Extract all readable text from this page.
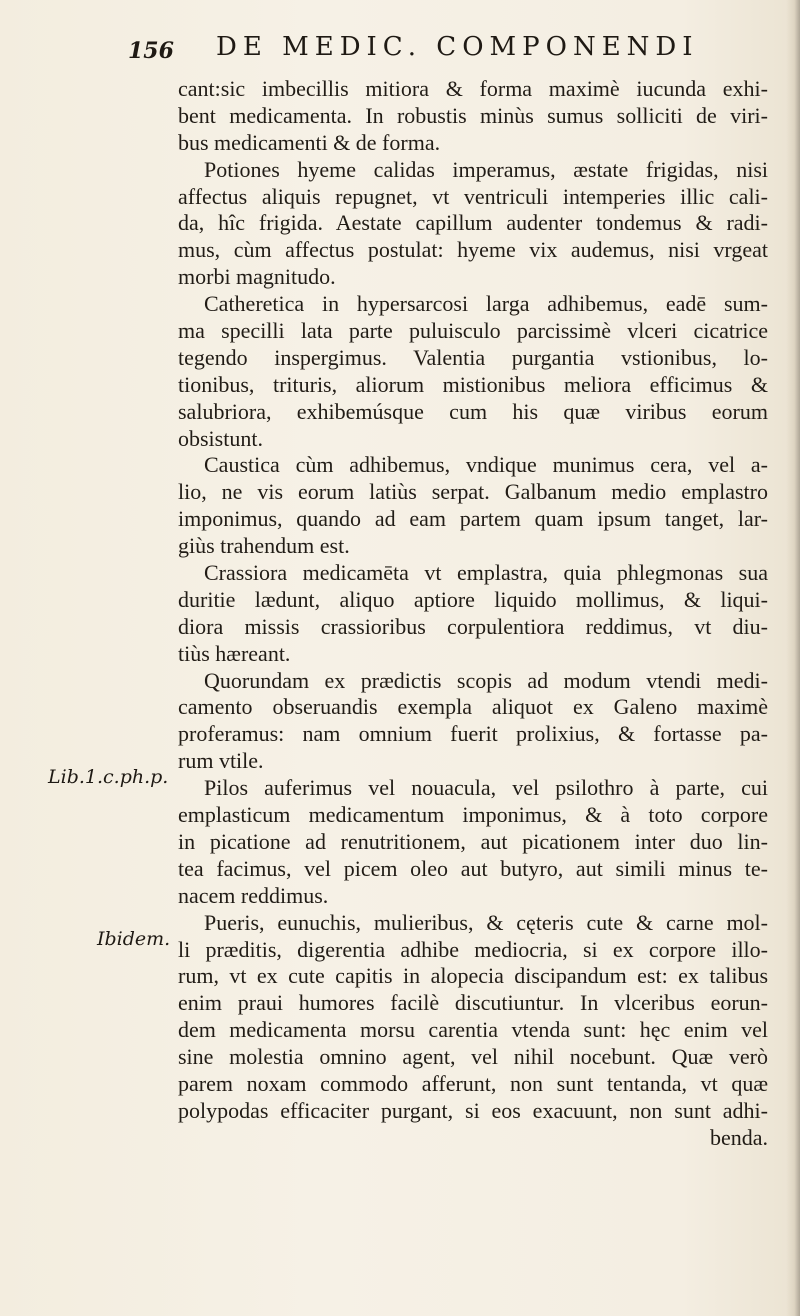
156 DE MEDIC. COMPONENDI
Lib.1.c.ph.p.
Ibidem.
cant:sic imbecillis mitiora & forma maximè iucunda exhi-
bent medicamenta. In robustis minùs sumus solliciti de viri-
bus medicamenti & de forma.
Potiones hyeme calidas imperamus, æstate frigidas, nisi
affectus aliquis repugnet, vt ventriculi intemperies illic cali-
da, hîc frigida. Aestate capillum audenter tondemus & radi-
mus, cùm affectus postulat: hyeme vix audemus, nisi vrgeat
morbi magnitudo.
Catheretica in hypersarcosi larga adhibemus, eadē sum-
ma specilli lata parte puluisculo parcissimè vlceri cicatrice
tegendo inspergimus. Valentia purgantia vstionibus, lo-
tionibus, trituris, aliorum mistionibus meliora efficimus &
salubriora, exhibemúsque cum his quæ viribus eorum
obsistunt.
Caustica cùm adhibemus, vndique munimus cera, vel a-
lio, ne vis eorum latiùs serpat. Galbanum medio emplastro
imponimus, quando ad eam partem quam ipsum tanget, lar-
giùs trahendum est.
Crassiora medicamēta vt emplastra, quia phlegmonas sua
duritie lædunt, aliquo aptiore liquido mollimus, & liqui-
diora missis crassioribus corpulentiora reddimus, vt diu-
tiùs hæreant.
Quorundam ex prædictis scopis ad modum vtendi medi-
camento obseruandis exempla aliquot ex Galeno maximè
proferamus: nam omnium fuerit prolixius, & fortasse pa-
rum vtile.
Pilos auferimus vel nouacula, vel psilothro à parte, cui
emplasticum medicamentum imponimus, & à toto corpore
in picatione ad renutritionem, aut picationem inter duo lin-
tea facimus, vel picem oleo aut butyro, aut simili minus te-
nacem reddimus.
Pueris, eunuchis, mulieribus, & cęteris cute & carne mol-
li præditis, digerentia adhibe mediocria, si ex corpore illo-
rum, vt ex cute capitis in alopecia discipandum est: ex talibus
enim praui humores facilè discutiuntur. In vlceribus eorun-
dem medicamenta morsu carentia vtenda sunt: hęc enim vel
sine molestia omnino agent, vel nihil nocebunt. Quæ verò
parem noxam commodo afferunt, non sunt tentanda, vt quæ
polypodas efficaciter purgant, si eos exacuunt, non sunt adhi-
benda.
